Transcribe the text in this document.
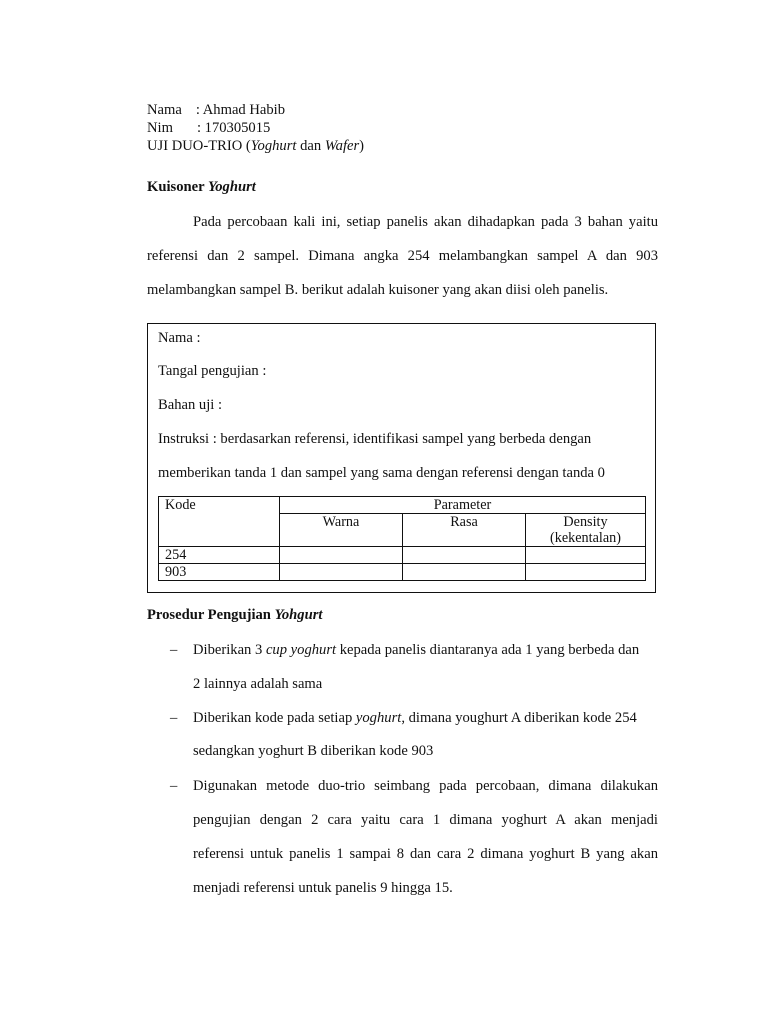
Nama : Ahmad Habib
Nim : 170305015
UJI DUO-TRIO (Yoghurt dan Wafer)
Kuisoner Yoghurt
Pada percobaan kali ini, setiap panelis akan dihadapkan pada 3 bahan yaitu
referensi dan 2 sampel. Dimana angka 254 melambangkan sampel A dan 903
melambangkan sampel B. berikut adalah kuisoner yang akan diisi oleh panelis.
Nama :
Tangal pengujian :
Bahan uji :
Instruksi : berdasarkan referensi, identifikasi sampel yang berbeda dengan
memberikan tanda 1 dan sampel yang sama dengan referensi dengan tanda 0
Kode	Parameter		
	Warna	Rasa	Density
(kekentalan)
254			
903			
Prosedur Pengujian Yohgurt
– Diberikan 3 cup yoghurt kepada panelis diantaranya ada 1 yang berbeda dan
2 lainnya adalah sama
– Diberikan kode pada setiap yoghurt, dimana youghurt A diberikan kode 254
sedangkan yoghurt B diberikan kode 903
– Digunakan metode duo-trio seimbang pada percobaan, dimana dilakukan
pengujian dengan 2 cara yaitu cara 1 dimana yoghurt A akan menjadi
referensi untuk panelis 1 sampai 8 dan cara 2 dimana yoghurt B yang akan
menjadi referensi untuk panelis 9 hingga 15.
